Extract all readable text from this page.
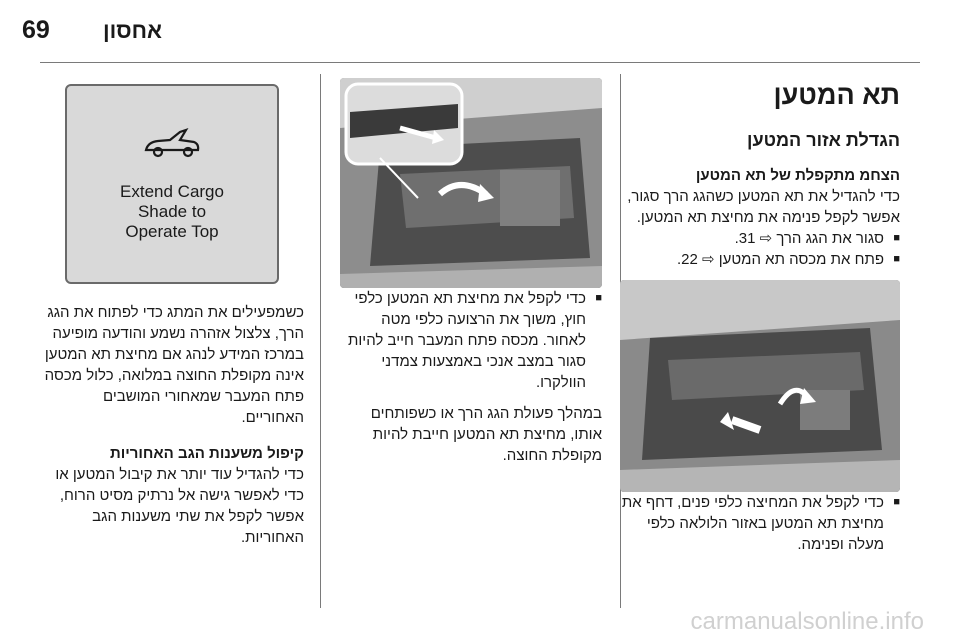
69 אחסון
תא המטען
הגדלת אזור המטען
הצחמ מתקפלת של תא המטען

כדי להגדיל את תא המטען כשהגג הרך סגור, אפשר לקפל פנימה את מחיצת תא המטען.

■ סגור את הגג הרך ⇨ 31.
■ פתח את מכסה תא המטען ⇨ 22.
■ כדי לקפל את המחיצה כלפי פנים, דחף את מחיצת תא המטען באזור הלולאה כלפי מעלה ופנימה.
■ כדי לקפל את מחיצת תא המטען כלפי חוץ, משוך את הרצועה כלפי מטה לאחור. מכסה פתח המעבר חייב להיות סגור במצב אנכי באמצעות צמדני הוולקרו.

במהלך פעולת הגג הרך או כשפותחים אותו, מחיצת תא המטען חייבת להיות מקופלת החוצה.

Extend Cargo
Shade to
Operate Top

כשמפעילים את המתג כדי לפתוח את הגג הרך, צלצול אזהרה נשמע והודעה מופיעה במרכז המידע לנהג אם מחיצת תא המטען אינה מקופלת החוצה במלואה, כלול מכסה פתח המעבר שמאחורי המושבים האחוריים.

קיפול משענות הגב האחוריות

כדי להגדיל עוד יותר את קיבול המטען או כדי לאפשר גישה אל נרתיק מסיט הרוח, אפשר לקפל את שתי משענות הגב האחוריות.

carmanualsonline.info
